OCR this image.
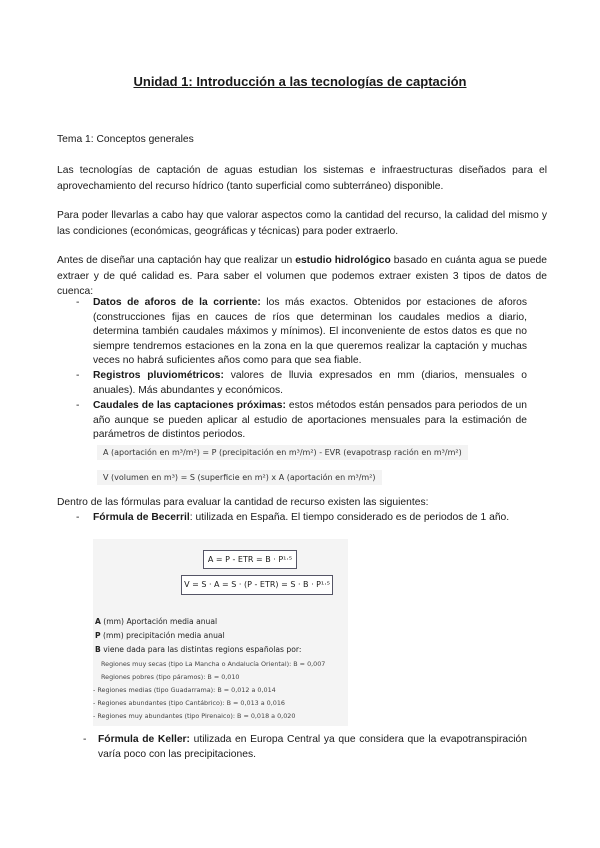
Unidad 1: Introducción a las tecnologías de captación
Tema 1: Conceptos generales
Las tecnologías de captación de aguas estudian los sistemas e infraestructuras diseñados para el aprovechamiento del recurso hídrico (tanto superficial como subterráneo) disponible.
Para poder llevarlas a cabo hay que valorar aspectos como la cantidad del recurso, la calidad del mismo y las condiciones (económicas, geográficas y técnicas) para poder extraerlo.
Antes de diseñar una captación hay que realizar un estudio hidrológico basado en cuánta agua se puede extraer y de qué calidad es. Para saber el volumen que podemos extraer existen 3 tipos de datos de cuenca:
-	Datos de aforos de la corriente: los más exactos. Obtenidos por estaciones de aforos (construcciones fijas en cauces de ríos que determinan los caudales medios a diario, determina también caudales máximos y mínimos). El inconveniente de estos datos es que no siempre tendremos estaciones en la zona en la que queremos realizar la captación y muchas veces no habrá suficientes años como para que sea fiable.
-	Registros pluviométricos: valores de lluvia expresados en mm (diarios, mensuales o anuales). Más abundantes y económicos.
-	Caudales de las captaciones próximas: estos métodos están pensados para periodos de un año aunque se pueden aplicar al estudio de aportaciones mensuales para la estimación de parámetros de distintos periodos.
A (aportación en m³/m²) = P (precipitación en m³/m²) - EVR (evapotrasp ración en m³/m²)
V (volumen en m³) = S (superficie en m²) x A (aportación en m³/m²)
Dentro de las fórmulas para evaluar la cantidad de recurso existen las siguientes:
-	Fórmula de Becerril: utilizada en España. El tiempo considerado es de periodos de 1 año.
A = P - ETR = B · P¹·⁵
V = S · A = S · (P - ETR) = S · B · P¹·⁵
A (mm) Aportación media anual
P (mm) precipitación media anual
B viene dada para las distintas regions españolas por:
Regiones muy secas (tipo La Mancha o Andalucía Oriental): B = 0,007
Regiones pobres (tipo páramos): B = 0,010
- Regiones medias (tipo Guadarrama): B = 0,012 a 0,014
- Regiones abundantes (tipo Cantábrico): B = 0,013 a 0,016
- Regiones muy abundantes (tipo Pirenaico): B = 0,018 a 0,020
-	Fórmula de Keller: utilizada en Europa Central ya que considera que la evapotranspiración varía poco con las precipitaciones.
